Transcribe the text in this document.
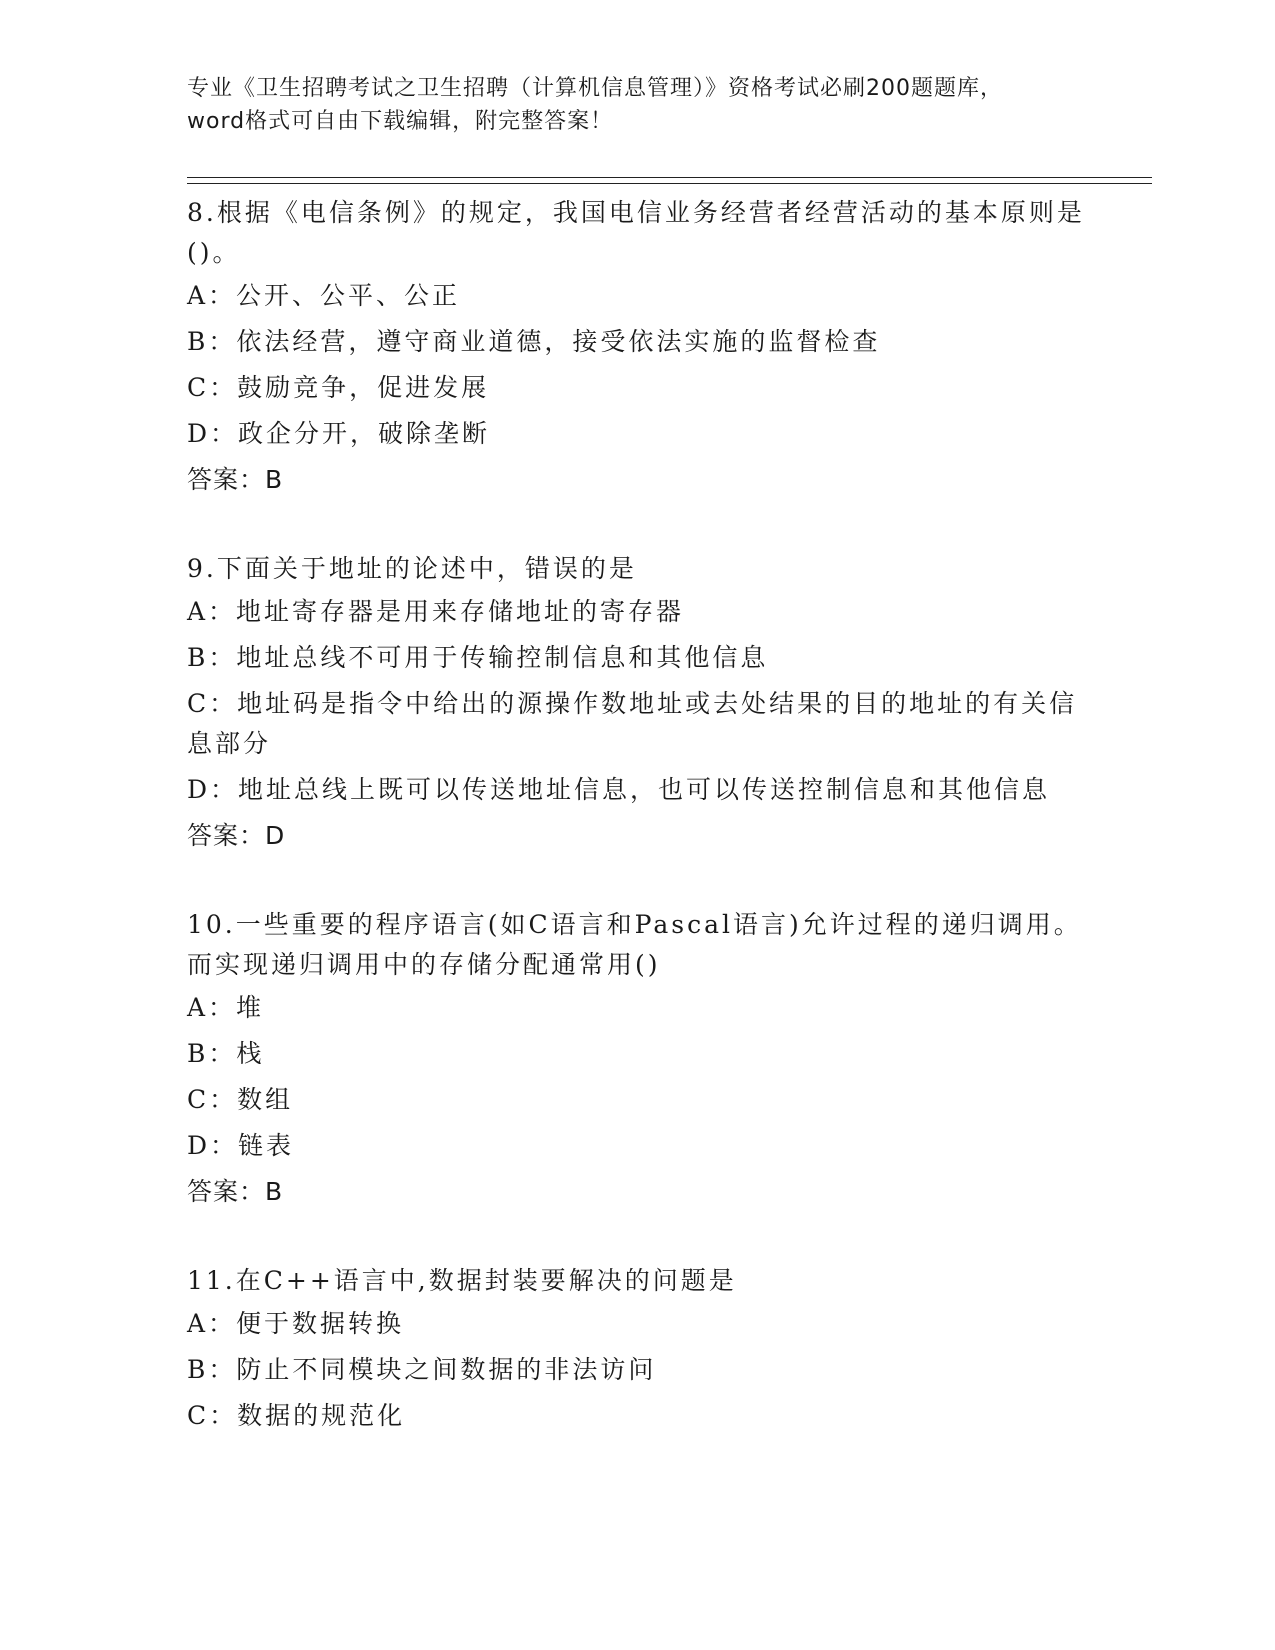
专业《卫生招聘考试之卫生招聘（计算机信息管理）》资格考试必刷200题题库，
word格式可自由下载编辑，附完整答案！
8.根据《电信条例》的规定，我国电信业务经营者经营活动的基本原则是()。
A：公开、公平、公正
B：依法经营，遵守商业道德，接受依法实施的监督检查
C：鼓励竞争，促进发展
D：政企分开，破除垄断
答案：B
9.下面关于地址的论述中，错误的是
A：地址寄存器是用来存储地址的寄存器
B：地址总线不可用于传输控制信息和其他信息
C：地址码是指令中给出的源操作数地址或去处结果的目的地址的有关信息部分
D：地址总线上既可以传送地址信息，也可以传送控制信息和其他信息
答案：D
10.一些重要的程序语言(如C语言和Pascal语言)允许过程的递归调用。而实现递归调用中的存储分配通常用()
A：堆
B：栈
C：数组
D：链表
答案：B
11.在C++语言中,数据封装要解决的问题是
A：便于数据转换
B：防止不同模块之间数据的非法访问
C：数据的规范化
